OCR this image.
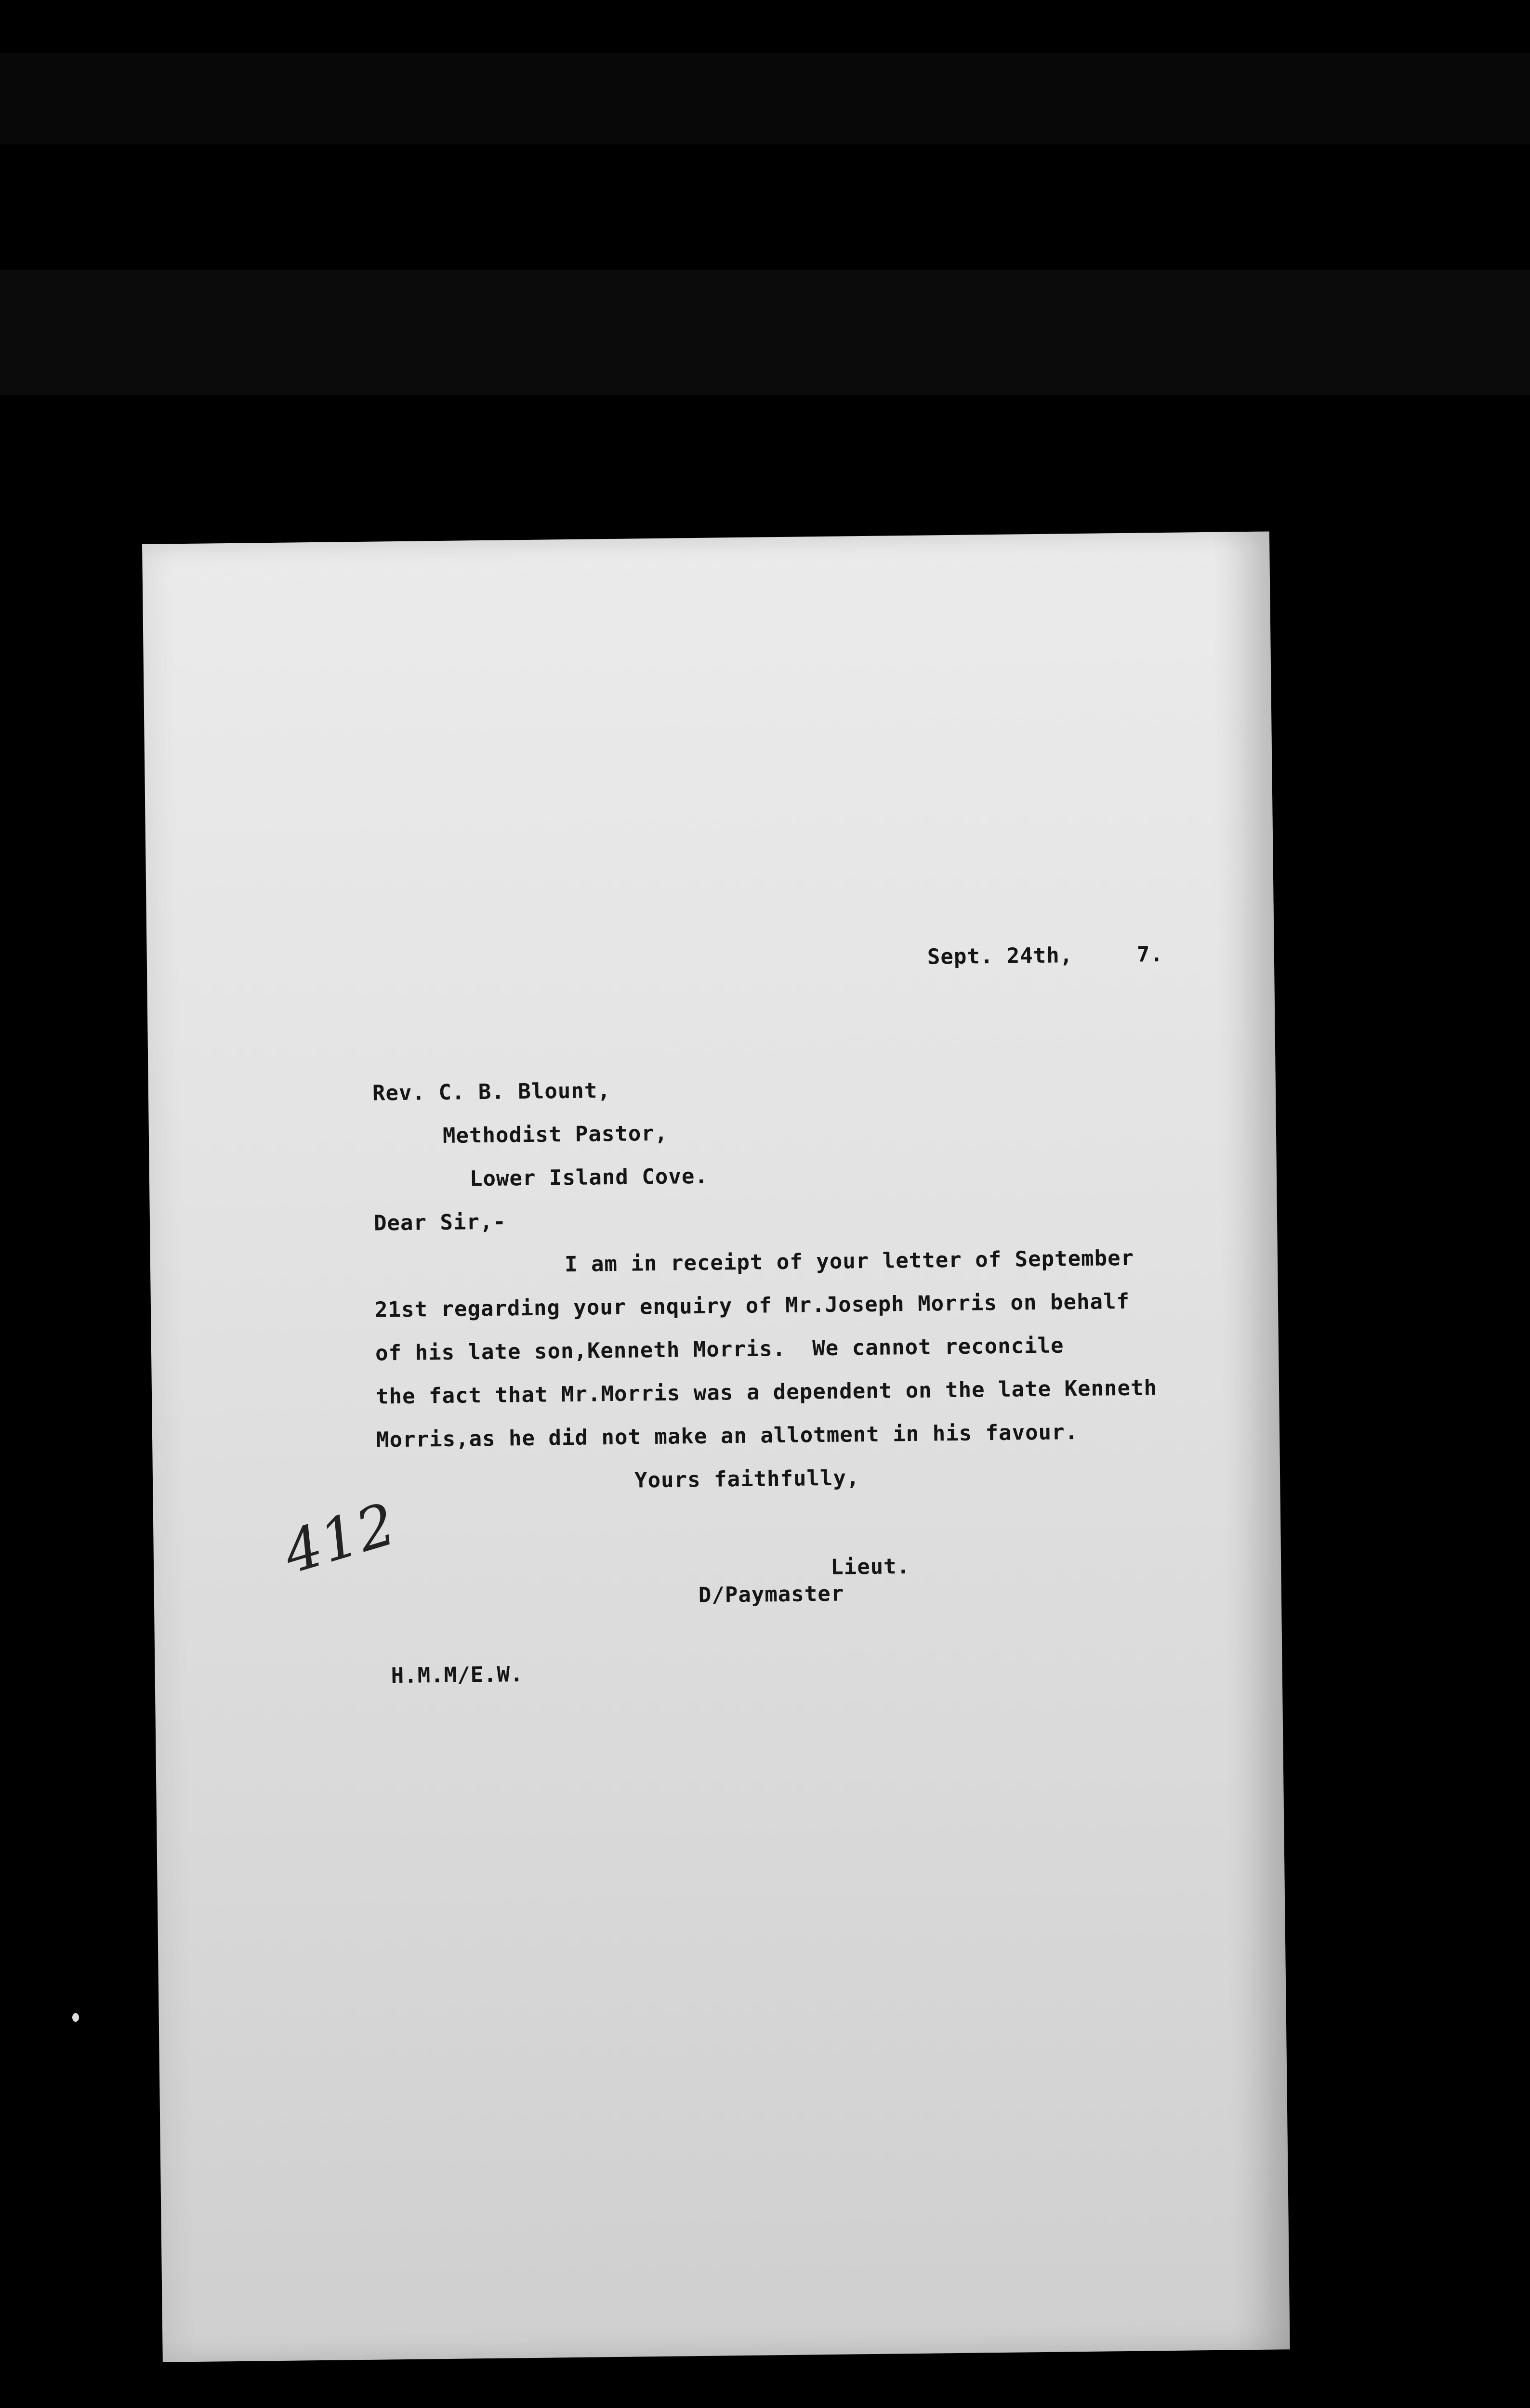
Sept. 24th,	7.
Rev. C. B. Blount,
Methodist Pastor,
Lower Island Cove.
Dear Sir,-
I am in receipt of your letter of September
21st regarding your enquiry of Mr.Joseph Morris on behalf
of his late son,Kenneth Morris.  We cannot reconcile
the fact that Mr.Morris was a dependent on the late Kenneth
Morris,as he did not make an allotment in his favour.
Yours faithfully,
Lieut.
D/Paymaster
H.M.M/E.W.
412
